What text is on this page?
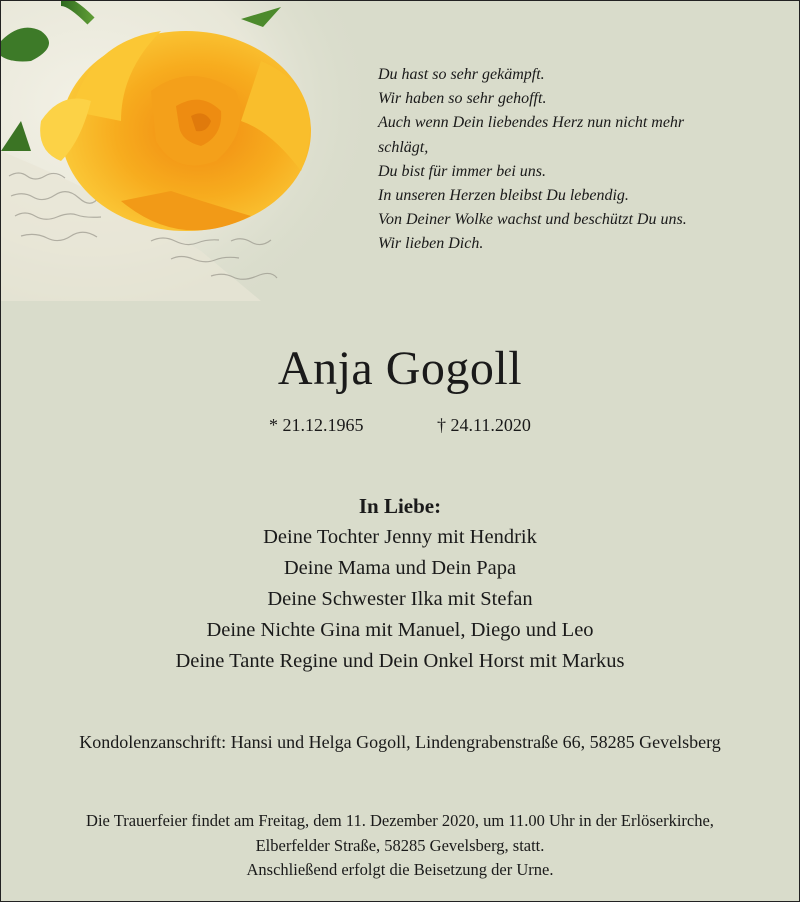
Du hast so sehr gekämpft.
Wir haben so sehr gehofft.
Auch wenn Dein liebendes Herz nun nicht mehr
schlägt,
Du bist für immer bei uns.
In unseren Herzen bleibst Du lebendig.
Von Deiner Wolke wachst und beschützt Du uns.
Wir lieben Dich.
Anja Gogoll
* 21.12.1965	† 24.11.2020
In Liebe:
Deine Tochter Jenny mit Hendrik
Deine Mama und Dein Papa
Deine Schwester Ilka mit Stefan
Deine Nichte Gina mit Manuel, Diego und Leo
Deine Tante Regine und Dein Onkel Horst mit Markus
Kondolenzanschrift: Hansi und Helga Gogoll, Lindengrabenstraße 66, 58285 Gevelsberg
Die Trauerfeier findet am Freitag, dem 11. Dezember 2020, um 11.00 Uhr in der Erlöserkirche,
Elberfelder Straße, 58285 Gevelsberg, statt.
Anschließend erfolgt die Beisetzung der Urne.
